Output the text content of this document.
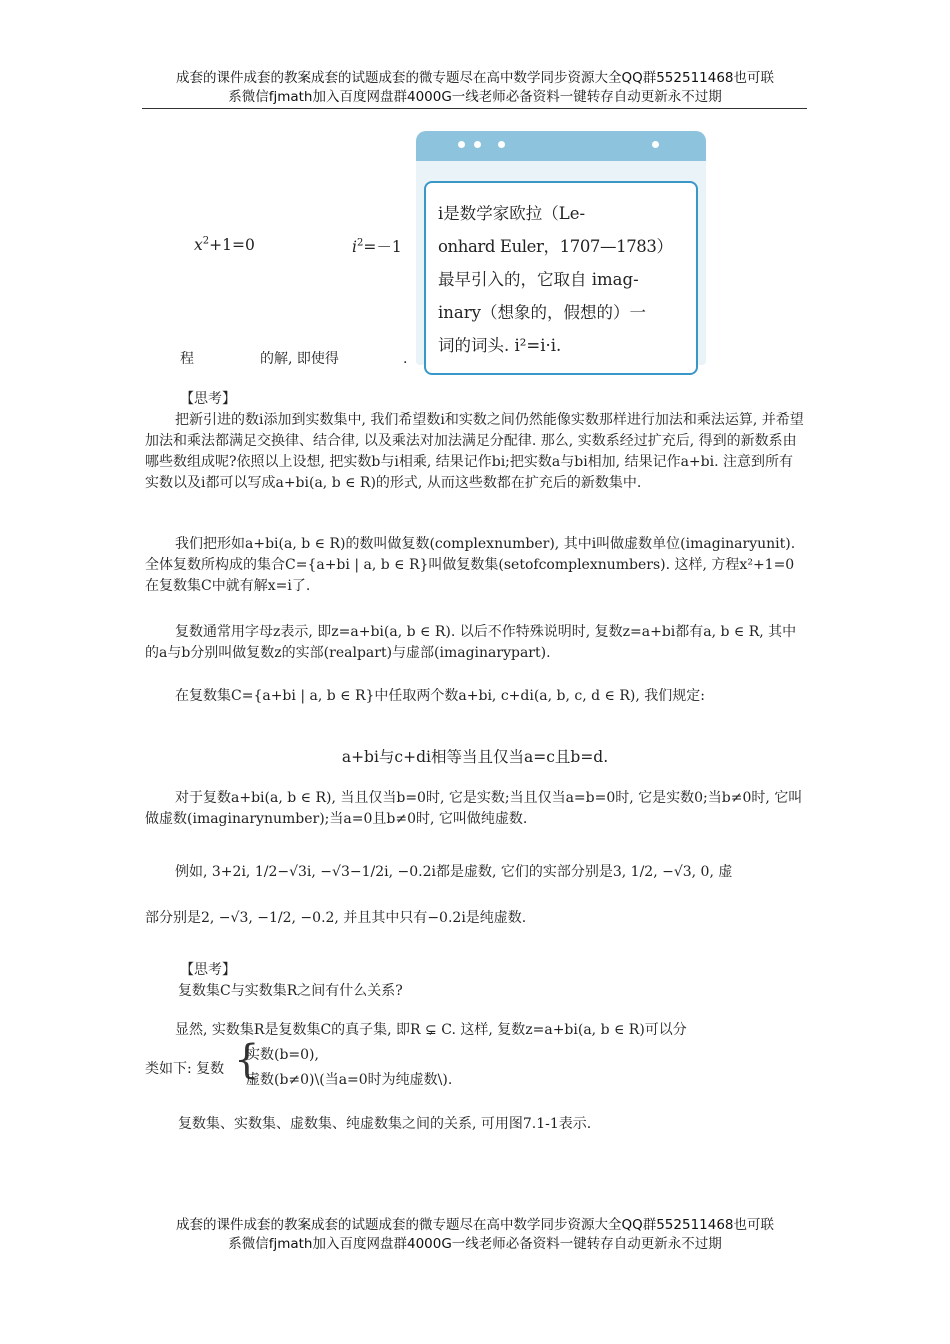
成套的课件成套的教案成套的试题成套的微专题尽在高中数学同步资源大全QQ群552511468也可联
系微信fjmath加入百度网盘群4000G一线老师必备资料一键转存自动更新永不过期
$x^2+1=0$	$i^2=-1$
程	的解, 即使得	.
i是数学家欧拉（Le-
onhard Euler，1707—1783）
最早引入的，它取自 imag-
inary（想象的，假想的）一
词的词头. i²=i·i.
【思考】
把新引进的数i添加到实数集中, 我们希望数i和实数之间仍然能像实数那样进行加法和乘法运算, 并希望加法和乘法都满足交换律、结合律, 以及乘法对加法满足分配律. 那么, 实数系经过扩充后, 得到的新数系由哪些数组成呢?依照以上设想, 把实数b与i相乘, 结果记作bi;把实数a与bi相加, 结果记作a+bi. 注意到所有实数以及i都可以写成a+bi(a, b ∈ R)的形式, 从而这些数都在扩充后的新数集中.
我们把形如a+bi(a, b ∈ R)的数叫做复数(complexnumber), 其中i叫做虚数单位(imaginaryunit). 全体复数所构成的集合C={a+bi | a, b ∈ R}叫做复数集(setofcomplexnumbers). 这样, 方程x²+1=0在复数集C中就有解x=i了.
复数通常用字母z表示, 即z=a+bi(a, b ∈ R). 以后不作特殊说明时, 复数z=a+bi都有a, b ∈ R, 其中的a与b分别叫做复数z的实部(realpart)与虚部(imaginarypart).
在复数集C={a+bi | a, b ∈ R}中任取两个数a+bi, c+di(a, b, c, d ∈ R), 我们规定:
a+bi与c+di相等当且仅当a=c且b=d.
对于复数a+bi(a, b ∈ R), 当且仅当b=0时, 它是实数;当且仅当a=b=0时, 它是实数0;当b≠0时, 它叫做虚数(imaginarynumber);当a=0且b≠0时, 它叫做纯虚数.
例如, 3+2i, 1/2−√3i, −√3−1/2i, −0.2i都是虚数, 它们的实部分别是3, 1/2, −√3, 0, 虚
部分别是2, −√3, −1/2, −0.2, 并且其中只有−0.2i是纯虚数.
【思考】
复数集C与实数集R之间有什么关系?
显然, 实数集R是复数集C的真子集, 即R ⊊ C. 这样, 复数z=a+bi(a, b ∈ R)可以分
类如下: 复数 {
实数(b=0),
虚数(b≠0)\(当a=0时为纯虚数\).
复数集、实数集、虚数集、纯虚数集之间的关系, 可用图7.1-1表示.
成套的课件成套的教案成套的试题成套的微专题尽在高中数学同步资源大全QQ群552511468也可联
系微信fjmath加入百度网盘群4000G一线老师必备资料一键转存自动更新永不过期
